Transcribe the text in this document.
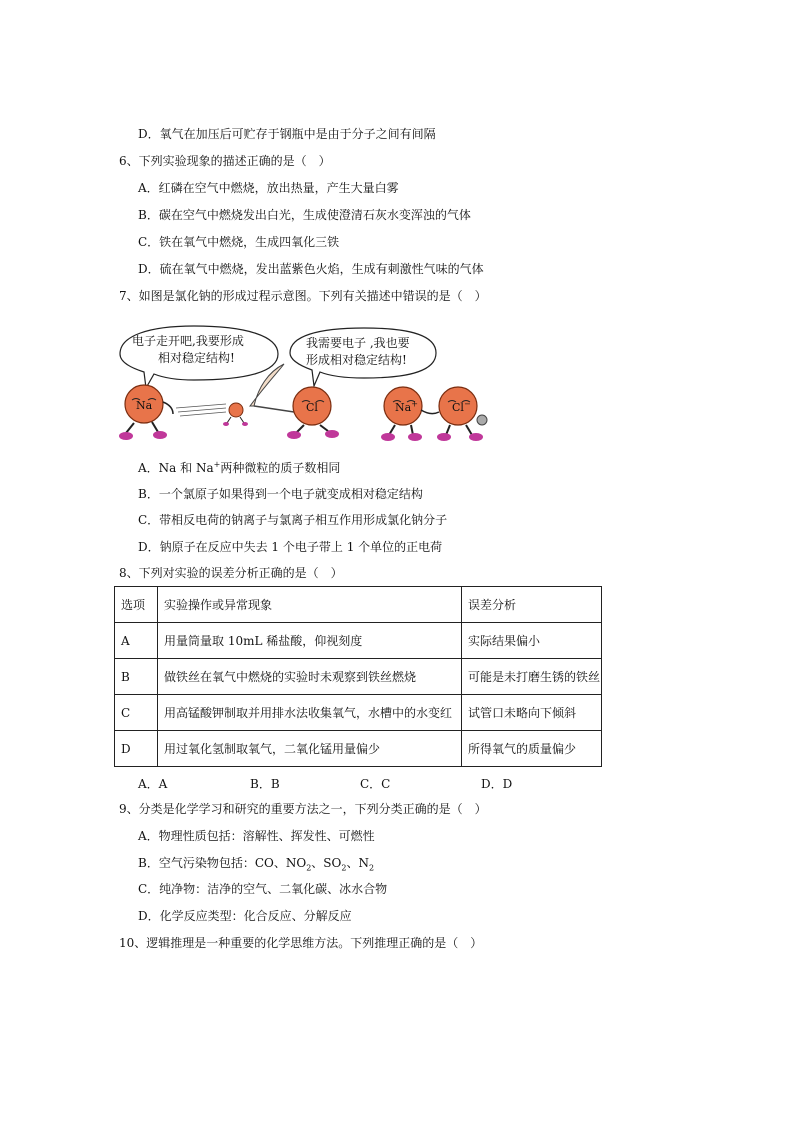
D．氧气在加压后可贮存于钢瓶中是由于分子之间有间隔
6、下列实验现象的描述正确的是（　）
A．红磷在空气中燃烧，放出热量，产生大量白雾
B．碳在空气中燃烧发出白光，生成使澄清石灰水变浑浊的气体
C．铁在氧气中燃烧，生成四氧化三铁
D．硫在氧气中燃烧，发出蓝紫色火焰，生成有刺激性气味的气体
7、如图是氯化钠的形成过程示意图。下列有关描述中错误的是（　）
电子走开吧,我要形成
相对稳定结构!
我需要电子 ,我也要
形成相对稳定结构!
Na	Cl	Na+	Cl−
A．Na 和 Na+两种微粒的质子数相同
B．一个氯原子如果得到一个电子就变成相对稳定结构
C．带相反电荷的钠离子与氯离子相互作用形成氯化钠分子
D．钠原子在反应中失去 1 个电子带上 1 个单位的正电荷
8、下列对实验的误差分析正确的是（　）
选项	实验操作或异常现象	误差分析
A	用量筒量取 10mL 稀盐酸，仰视刻度	实际结果偏小
B	做铁丝在氧气中燃烧的实验时未观察到铁丝燃烧	可能是未打磨生锈的铁丝
C	用高锰酸钾制取并用排水法收集氧气，水槽中的水变红	试管口未略向下倾斜
D	用过氧化氢制取氧气，二氧化锰用量偏少	所得氧气的质量偏少
A．A	B．B	C．C	D．D
9、分类是化学学习和研究的重要方法之一，下列分类正确的是（　）
A．物理性质包括：溶解性、挥发性、可燃性
B．空气污染物包括：CO、$NO_2$、$SO_2$、$N_2$
C．纯净物：洁净的空气、二氧化碳、冰水合物
D．化学反应类型：化合反应、分解反应
10、逻辑推理是一种重要的化学思维方法。下列推理正确的是（　）
